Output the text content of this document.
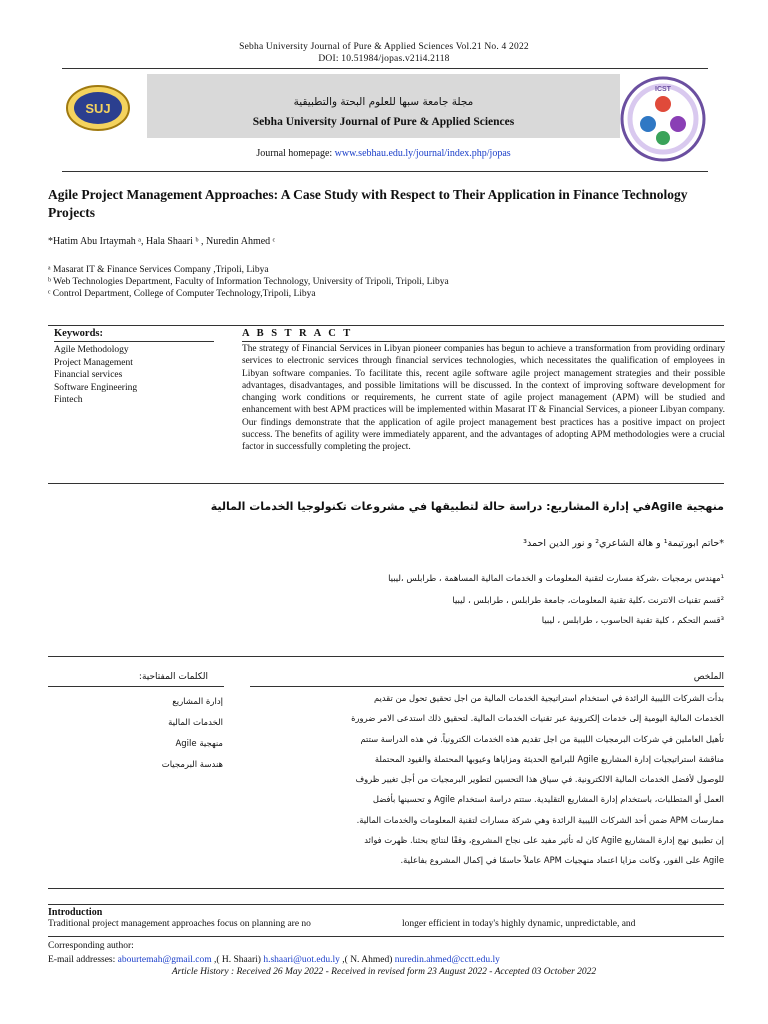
Sebha University Journal of Pure & Applied Sciences Vol.21 No. 4 2022
DOI: 10.51984/jopas.v21i4.2118
SUJ	مجلة جامعة سبها للعلوم البحتة والتطبيقية
Sebha University Journal of Pure & Applied Sciences
Journal homepage: www.sebhau.edu.ly/journal/index.php/jopas
ICST
Agile Project Management Approaches: A Case Study with Respect to Their Application in Finance Technology Projects
*Hatim Abu Irtaymah ᵃ, Hala Shaari ᵇ , Nuredin Ahmed ᶜ
ᵃ Masarat IT & Finance Services Company ,Tripoli, Libya
ᵇ Web Technologies Department, Faculty of Information Technology, University of Tripoli, Tripoli, Libya
ᶜ Control Department, College of Computer Technology,Tripoli, Libya
Keywords:
Agile Methodology
Project Management
Financial services
Software Engineering
Fintech
A B S T R A C T
The strategy of Financial Services in Libyan pioneer companies has begun to achieve a transformation from providing ordinary services to electronic services through financial services technologies, which necessitates the qualification of employees in Libyan software companies. To facilitate this, recent agile software agile project management strategies and their possible advantages, disadvantages, and possible limitations will be discussed. In the context of improving software development for changing work conditions or requirements, he current state of agile project management (APM) will be studied and enhancement with best APM practices will be implemented within Masarat IT & Financial Services, a pioneer Libyan company. Our findings demonstrate that the application of agile project management best practices has a positive impact on project success. The benefits of agility were immediately apparent, and the advantages of adopting APM methodologies were a crucial factor in successfully completing the project.
منهجية Agileفي إدارة المشاريع: دراسة حالة لتطبيقها في مشروعات تكنولوجيا الخدمات المالية
*حاتم ابورتيمة¹ و هالة الشاعري² و نور الدين احمد³
¹مهندس برمجيات ،شركة مسارت لتقنية المعلومات و الخدمات المالية المساهمة ، طرابلس ،ليبيا
²قسم تقنيات الانترنت ،كلية تقنية المعلومات، جامعة طرابلس ، طرابلس ، ليبيا
³قسم التحكم ، كلية تقنية الحاسوب ، طرابلس ، ليبيا
الكلمات المفتاحية:
إدارة المشاريع
الخدمات المالية
منهجية Agile
هندسة البرمجيات
الملخص
بدأت الشركات الليبية الرائدة في استخدام استراتيجية الخدمات المالية من اجل تحقيق تحول من تقديم
الخدمات المالية اليومية إلى خدمات إلكترونية عبر تقنيات الخدمات المالية. لتحقيق ذلك استدعى الامر ضرورة
تأهيل العاملين في شركات البرمجيات الليبية من اجل تقديم هذه الخدمات الكترونياً. في هذه الدراسة ستتم
مناقشة استراتيجيات إدارة المشاريع Agile للبرامج الحديثة ومزاياها وعيوبها المحتملة والقيود المحتملة
للوصول لأفضل الخدمات المالية الالكترونية. في سياق هذا التحسين لتطوير البرمجيات من أجل تغيير ظروف
العمل أو المتطلبات، باستخدام إدارة المشاريع التقليدية. ستتم دراسة استخدام Agile و تحسينها بأفضل
ممارسات APM ضمن أحد الشركات الليبية الرائدة وهي شركة مسارات لتقنية المعلومات والخدمات المالية.
إن تطبيق نهج إدارة المشاريع Agile كان له تأثير مفيد على نجاح المشروع، وفقًا لنتائج بحثنا. ظهرت فوائد
Agile على الفور، وكانت مزايا اعتماد منهجيات APM عاملاً حاسمًا في إكمال المشروع بفاعلية.
Introduction
Traditional project management approaches focus on planning are no	longer efficient in today's highly dynamic, unpredictable, and
Corresponding author:
E-mail addresses: abourtemah@gmail.com ,( H. Shaari) h.shaari@uot.edu.ly ,( N. Ahmed) nuredin.ahmed@cctt.edu.ly
Article History : Received 26 May 2022 - Received in revised form 23 August 2022 - Accepted 03 October 2022
